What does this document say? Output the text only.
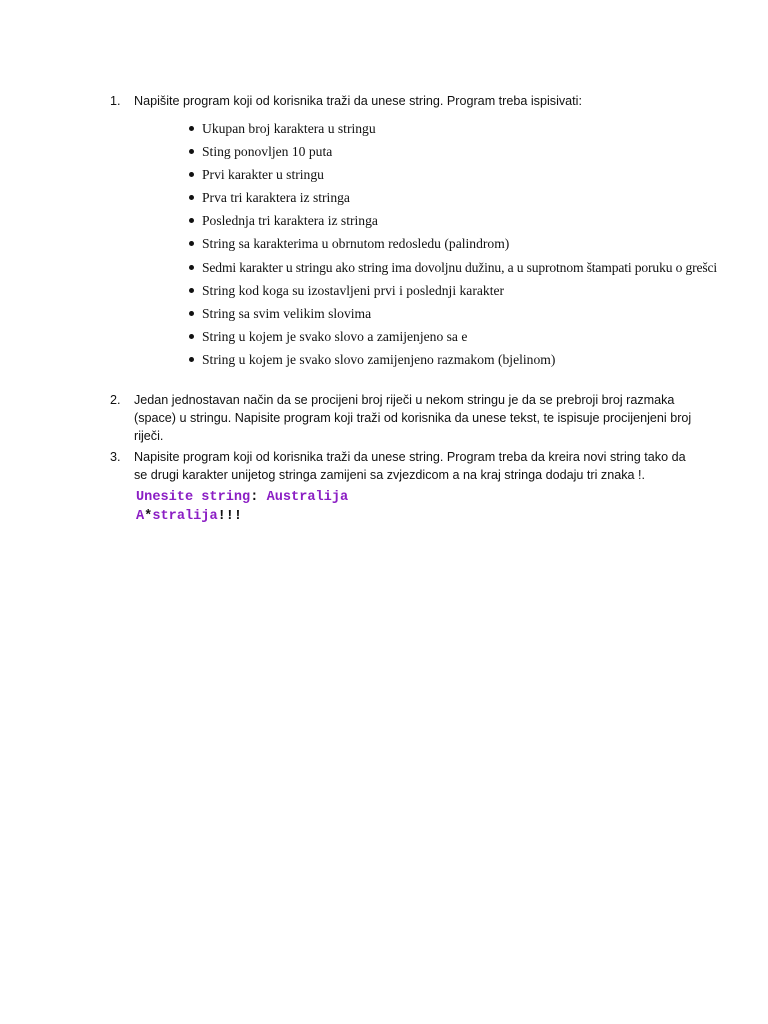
1.	Napišite program koji od korisnika traži da unese string. Program treba ispisivati:
Ukupan broj karaktera u stringu
Sting ponovljen 10 puta
Prvi karakter u stringu
Prva tri karaktera iz stringa
Poslednja tri karaktera iz stringa
String sa karakterima u obrnutom redosledu (palindrom)
Sedmi karakter u stringu ako string ima dovoljnu dužinu, a u suprotnom štampati poruku o grešci
String kod koga su izostavljeni prvi i poslednji karakter
String sa svim velikim slovima
String u kojem je svako slovo a zamijenjeno sa e
String u kojem je svako slovo zamijenjeno razmakom (bjelinom)
2.	Jedan jednostavan način da se procijeni broj riječi u nekom stringu je da se prebroji broj razmaka (space) u stringu. Napisite program koji traži od korisnika da unese tekst, te ispisuje procijenjeni broj riječi.
3.	Napisite program koji od korisnika traži da unese string. Program treba da kreira novi string tako da se drugi karakter unijetog stringa zamijeni sa zvjezdicom a na kraj stringa dodaju tri znaka !.
Unesite string: Australija
A*stralija!!!
